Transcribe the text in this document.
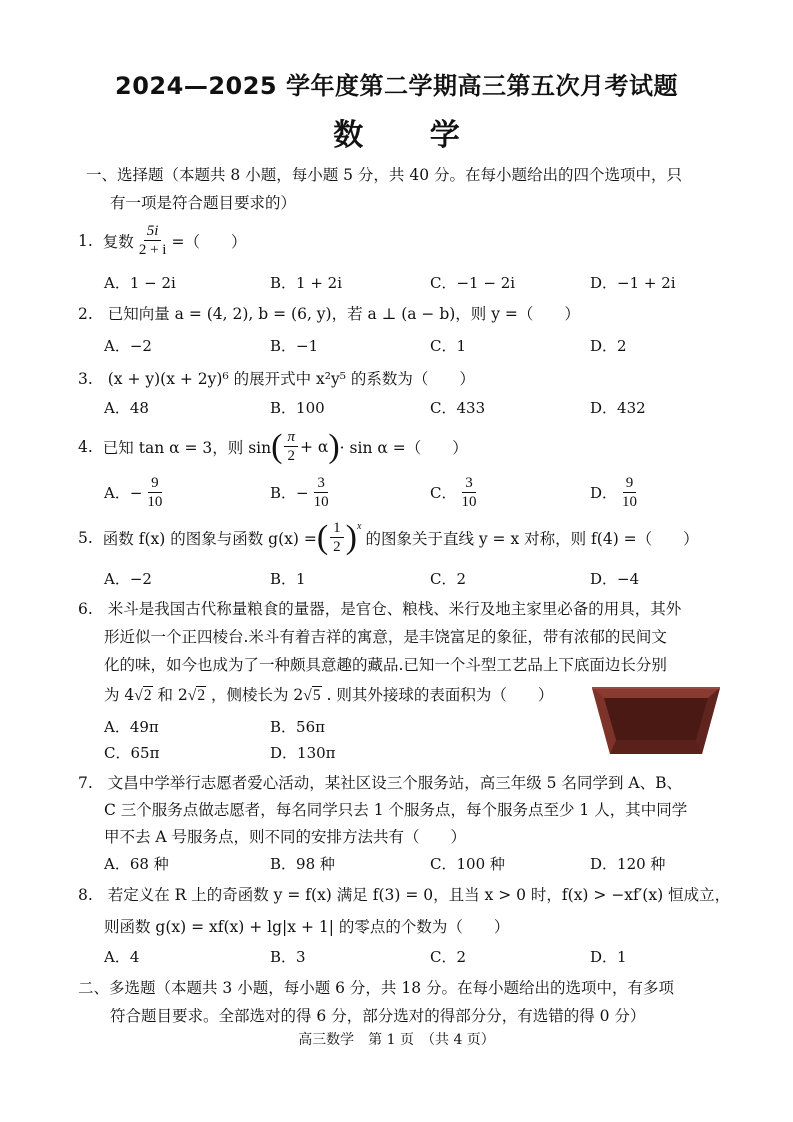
2024—2025 学年度第二学期高三第五次月考试题
数 学
一、选择题（本题共 8 小题，每小题 5 分，共 40 分。在每小题给出的四个选项中，只
有一项是符合题目要求的）
1. 复数 $\frac{5i}{2 + i}$ =（　　）
A．1 − 2i	B．1 + 2i	C．−1 − 2i	D．−1 + 2i
2. 已知向量 a = (4, 2), b = (6, y)，若 a ⊥ (a − b)，则 y =（　　）
A．−2	B．−1	C．1	D．2
3. (x + y)(x + 2y)⁶ 的展开式中 x²y⁵ 的系数为（　　）
A．48	B．100	C．433	D．432
4. 已知 tan α = 3，则 sin ( $\frac{\pi}{2} + \alpha$ ) · sin α =（　　）
A． − $\frac{9}{10}$	B． − $\frac{3}{10}$	C． $\frac{3}{10}$	D． $\frac{9}{10}$
5. 函数 f(x) 的图象与函数 g(x) = ( $\frac{1}{2}$ ) x
的图象关于直线 y = x 对称，则 f(4) =（　　）
A．−2	B．1	C．2	D．−4
6. 米斗是我国古代称量粮食的量器，是官仓、粮栈、米行及地主家里必备的用具，其外
形近似一个正四棱台.米斗有着吉祥的寓意，是丰饶富足的象征，带有浓郁的民间文
化的味，如今也成为了一种颇具意趣的藏品.已知一个斗型工艺品上下底面边长分别
为 4√2 和 2√2 ，侧棱长为 2√5 . 则其外接球的表面积为（　　）
A．49π	B．56π
C．65π	D．130π
7. 文昌中学举行志愿者爱心活动，某社区设三个服务站，高三年级 5 名同学到 A、B、
C 三个服务点做志愿者，每名同学只去 1 个服务点，每个服务点至少 1 人，其中同学
甲不去 A 号服务点，则不同的安排方法共有（　　）
A．68 种	B．98 种	C．100 种	D．120 种
8. 若定义在 R 上的奇函数 y = f(x) 满足 f(3) = 0，且当 x > 0 时，f(x) > −xf′(x) 恒成立，
则函数 g(x) = xf(x) + lg|x + 1| 的零点的个数为（　　）
A．4	B．3	C．2	D．1
二、多选题（本题共 3 小题，每小题 6 分，共 18 分。在每小题给出的选项中，有多项
符合题目要求。全部选对的得 6 分，部分选对的得部分分，有选错的得 0 分）
高三数学　第 1 页　（共 4 页）
